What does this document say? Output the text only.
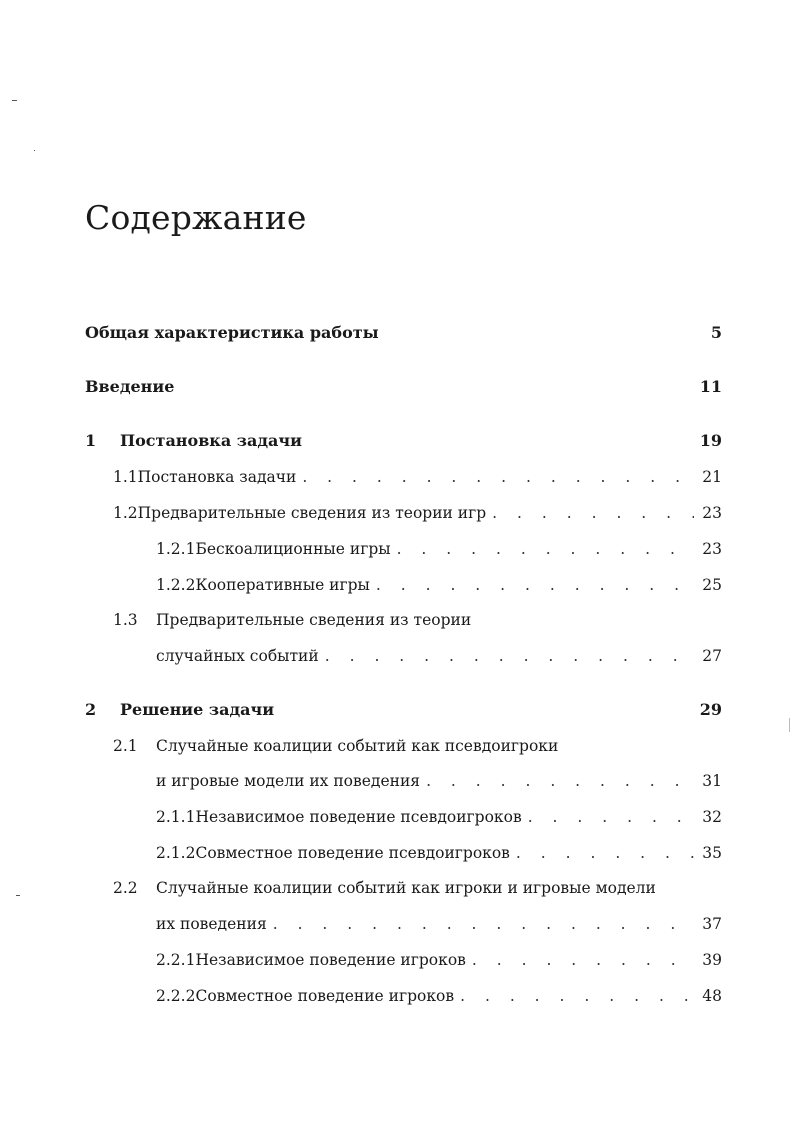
Содержание
Общая характеристика работы	5
Введение	11
1	Постановка задачи	19
1.1 Постановка задачи . . .	21
1.2 Предварительные сведения из теории игр . . .	23
1.2.1 Бескоалиционные игры . . .	23
1.2.2 Кооперативные игры . . .	25
1.3	Предварительные сведения из теории
случайных событий . . .	27
2	Решение задачи	29
2.1	Случайные коалиции событий как псевдоигроки
и игровые модели их поведения . . .	31
2.1.1 Независимое поведение псевдоигроков . . .	32
2.1.2 Совместное поведение псевдоигроков . . .	35
2.2	Случайные коалиции событий как игроки и игровые модели
их поведения . . .	37
2.2.1 Независимое поведение игроков . . .	39
2.2.2 Совместное поведение игроков . . .	48
